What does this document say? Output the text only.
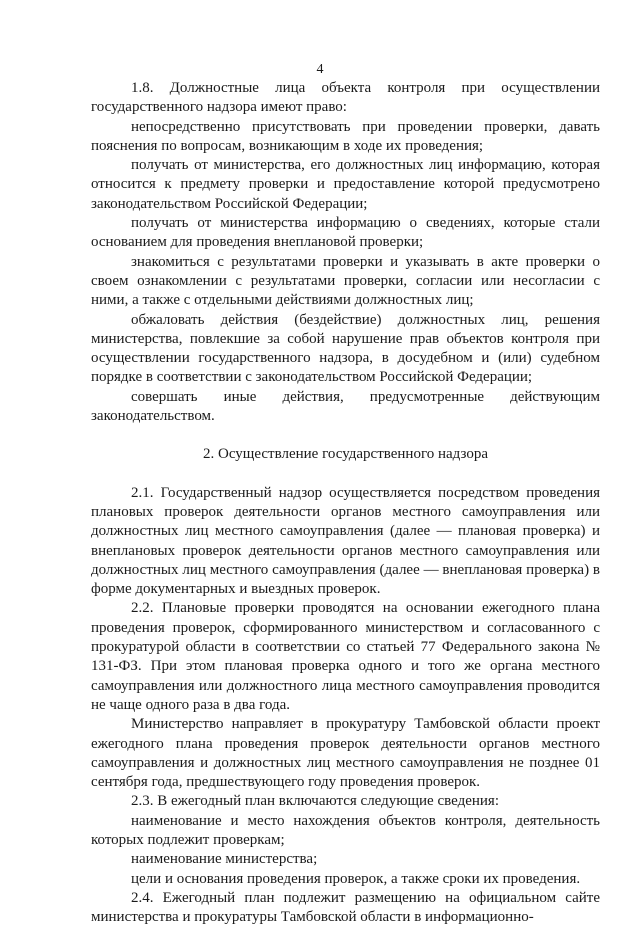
4

1.8. Должностные лица объекта контроля при осуществлении государственного надзора имеют право:

непосредственно присутствовать при проведении проверки, давать пояснения по вопросам, возникающим в ходе их проведения;

получать от министерства, его должностных лиц информацию, которая относится к предмету проверки и предоставление которой предусмотрено законодательством Российской Федерации;

получать от министерства информацию о сведениях, которые стали основанием для проведения внеплановой проверки;

знакомиться с результатами проверки и указывать в акте проверки о своем ознакомлении с результатами проверки, согласии или несогласии с ними, а также с отдельными действиями должностных лиц;

обжаловать действия (бездействие) должностных лиц, решения министерства, повлекшие за собой нарушение прав объектов контроля при осуществлении государственного надзора, в досудебном и (или) судебном порядке в соответствии с законодательством Российской Федерации;

совершать иные действия, предусмотренные действующим законодательством.

2. Осуществление государственного надзора

2.1. Государственный надзор осуществляется посредством проведения плановых проверок деятельности органов местного самоуправления или должностных лиц местного самоуправления (далее — плановая проверка) и внеплановых проверок деятельности органов местного самоуправления или должностных лиц местного самоуправления (далее — внеплановая проверка) в форме документарных и выездных проверок.

2.2. Плановые проверки проводятся на основании ежегодного плана проведения проверок, сформированного министерством и согласованного с прокуратурой области в соответствии со статьей 77 Федерального закона № 131-ФЗ. При этом плановая проверка одного и того же органа местного самоуправления или должностного лица местного самоуправления проводится не чаще одного раза в два года.

Министерство направляет в прокуратуру Тамбовской области проект ежегодного плана проведения проверок деятельности органов местного самоуправления и должностных лиц местного самоуправления не позднее 01 сентября года, предшествующего году проведения проверок.

2.3. В ежегодный план включаются следующие сведения:

наименование и место нахождения объектов контроля, деятельность которых подлежит проверкам;

наименование министерства;

цели и основания проведения проверок, а также сроки их проведения.

2.4. Ежегодный план подлежит размещению на официальном сайте министерства и прокуратуры Тамбовской области в информационно-
